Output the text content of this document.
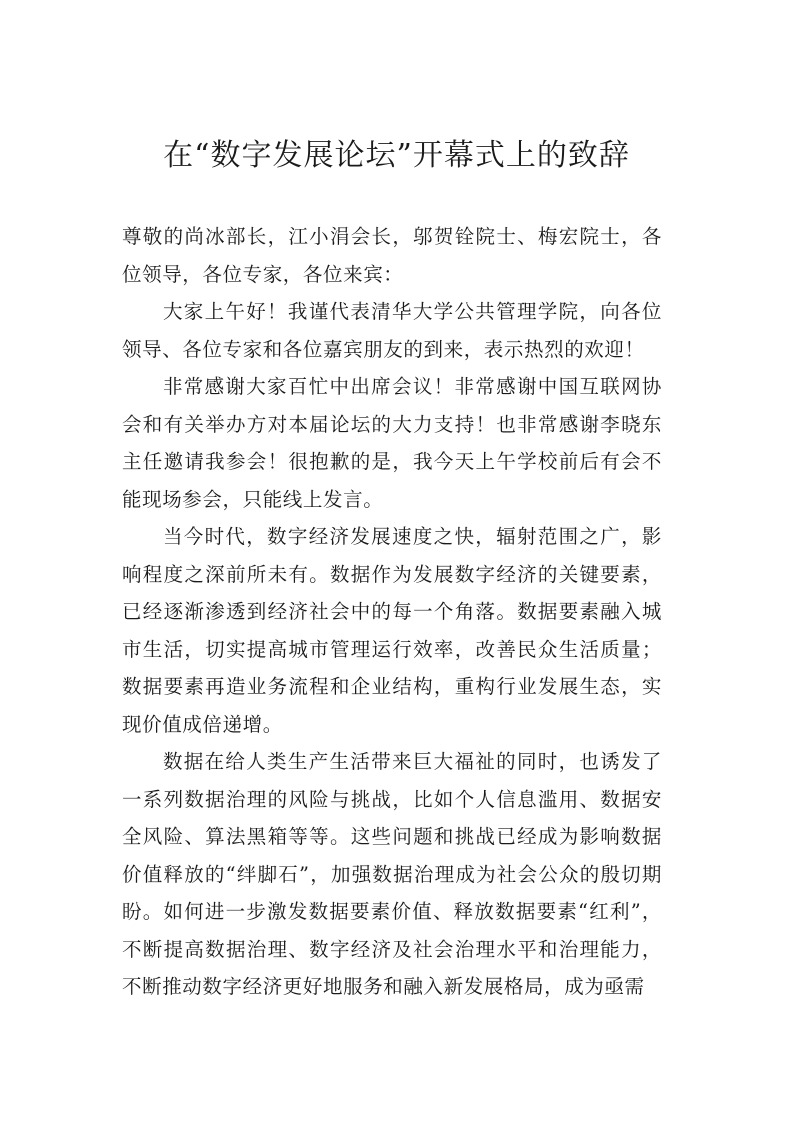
在“数字发展论坛”开幕式上的致辞

尊敬的尚冰部长，江小涓会长，邬贺铨院士、梅宏院士，各位领导，各位专家，各位来宾：

大家上午好！我谨代表清华大学公共管理学院，向各位领导、各位专家和各位嘉宾朋友的到来，表示热烈的欢迎！

非常感谢大家百忙中出席会议！非常感谢中国互联网协会和有关举办方对本届论坛的大力支持！也非常感谢李晓东主任邀请我参会！很抱歉的是，我今天上午学校前后有会不能现场参会，只能线上发言。

当今时代，数字经济发展速度之快，辐射范围之广，影响程度之深前所未有。数据作为发展数字经济的关键要素，已经逐渐渗透到经济社会中的每一个角落。数据要素融入城市生活，切实提高城市管理运行效率，改善民众生活质量；数据要素再造业务流程和企业结构，重构行业发展生态，实现价值成倍递增。

数据在给人类生产生活带来巨大福祉的同时，也诱发了一系列数据治理的风险与挑战，比如个人信息滥用、数据安全风险、算法黑箱等等。这些问题和挑战已经成为影响数据价值释放的“绊脚石”，加强数据治理成为社会公众的殷切期盼。如何进一步激发数据要素价值、释放数据要素“红利”，不断提高数据治理、数字经济及社会治理水平和治理能力，不断推动数字经济更好地服务和融入新发展格局，成为亟需
